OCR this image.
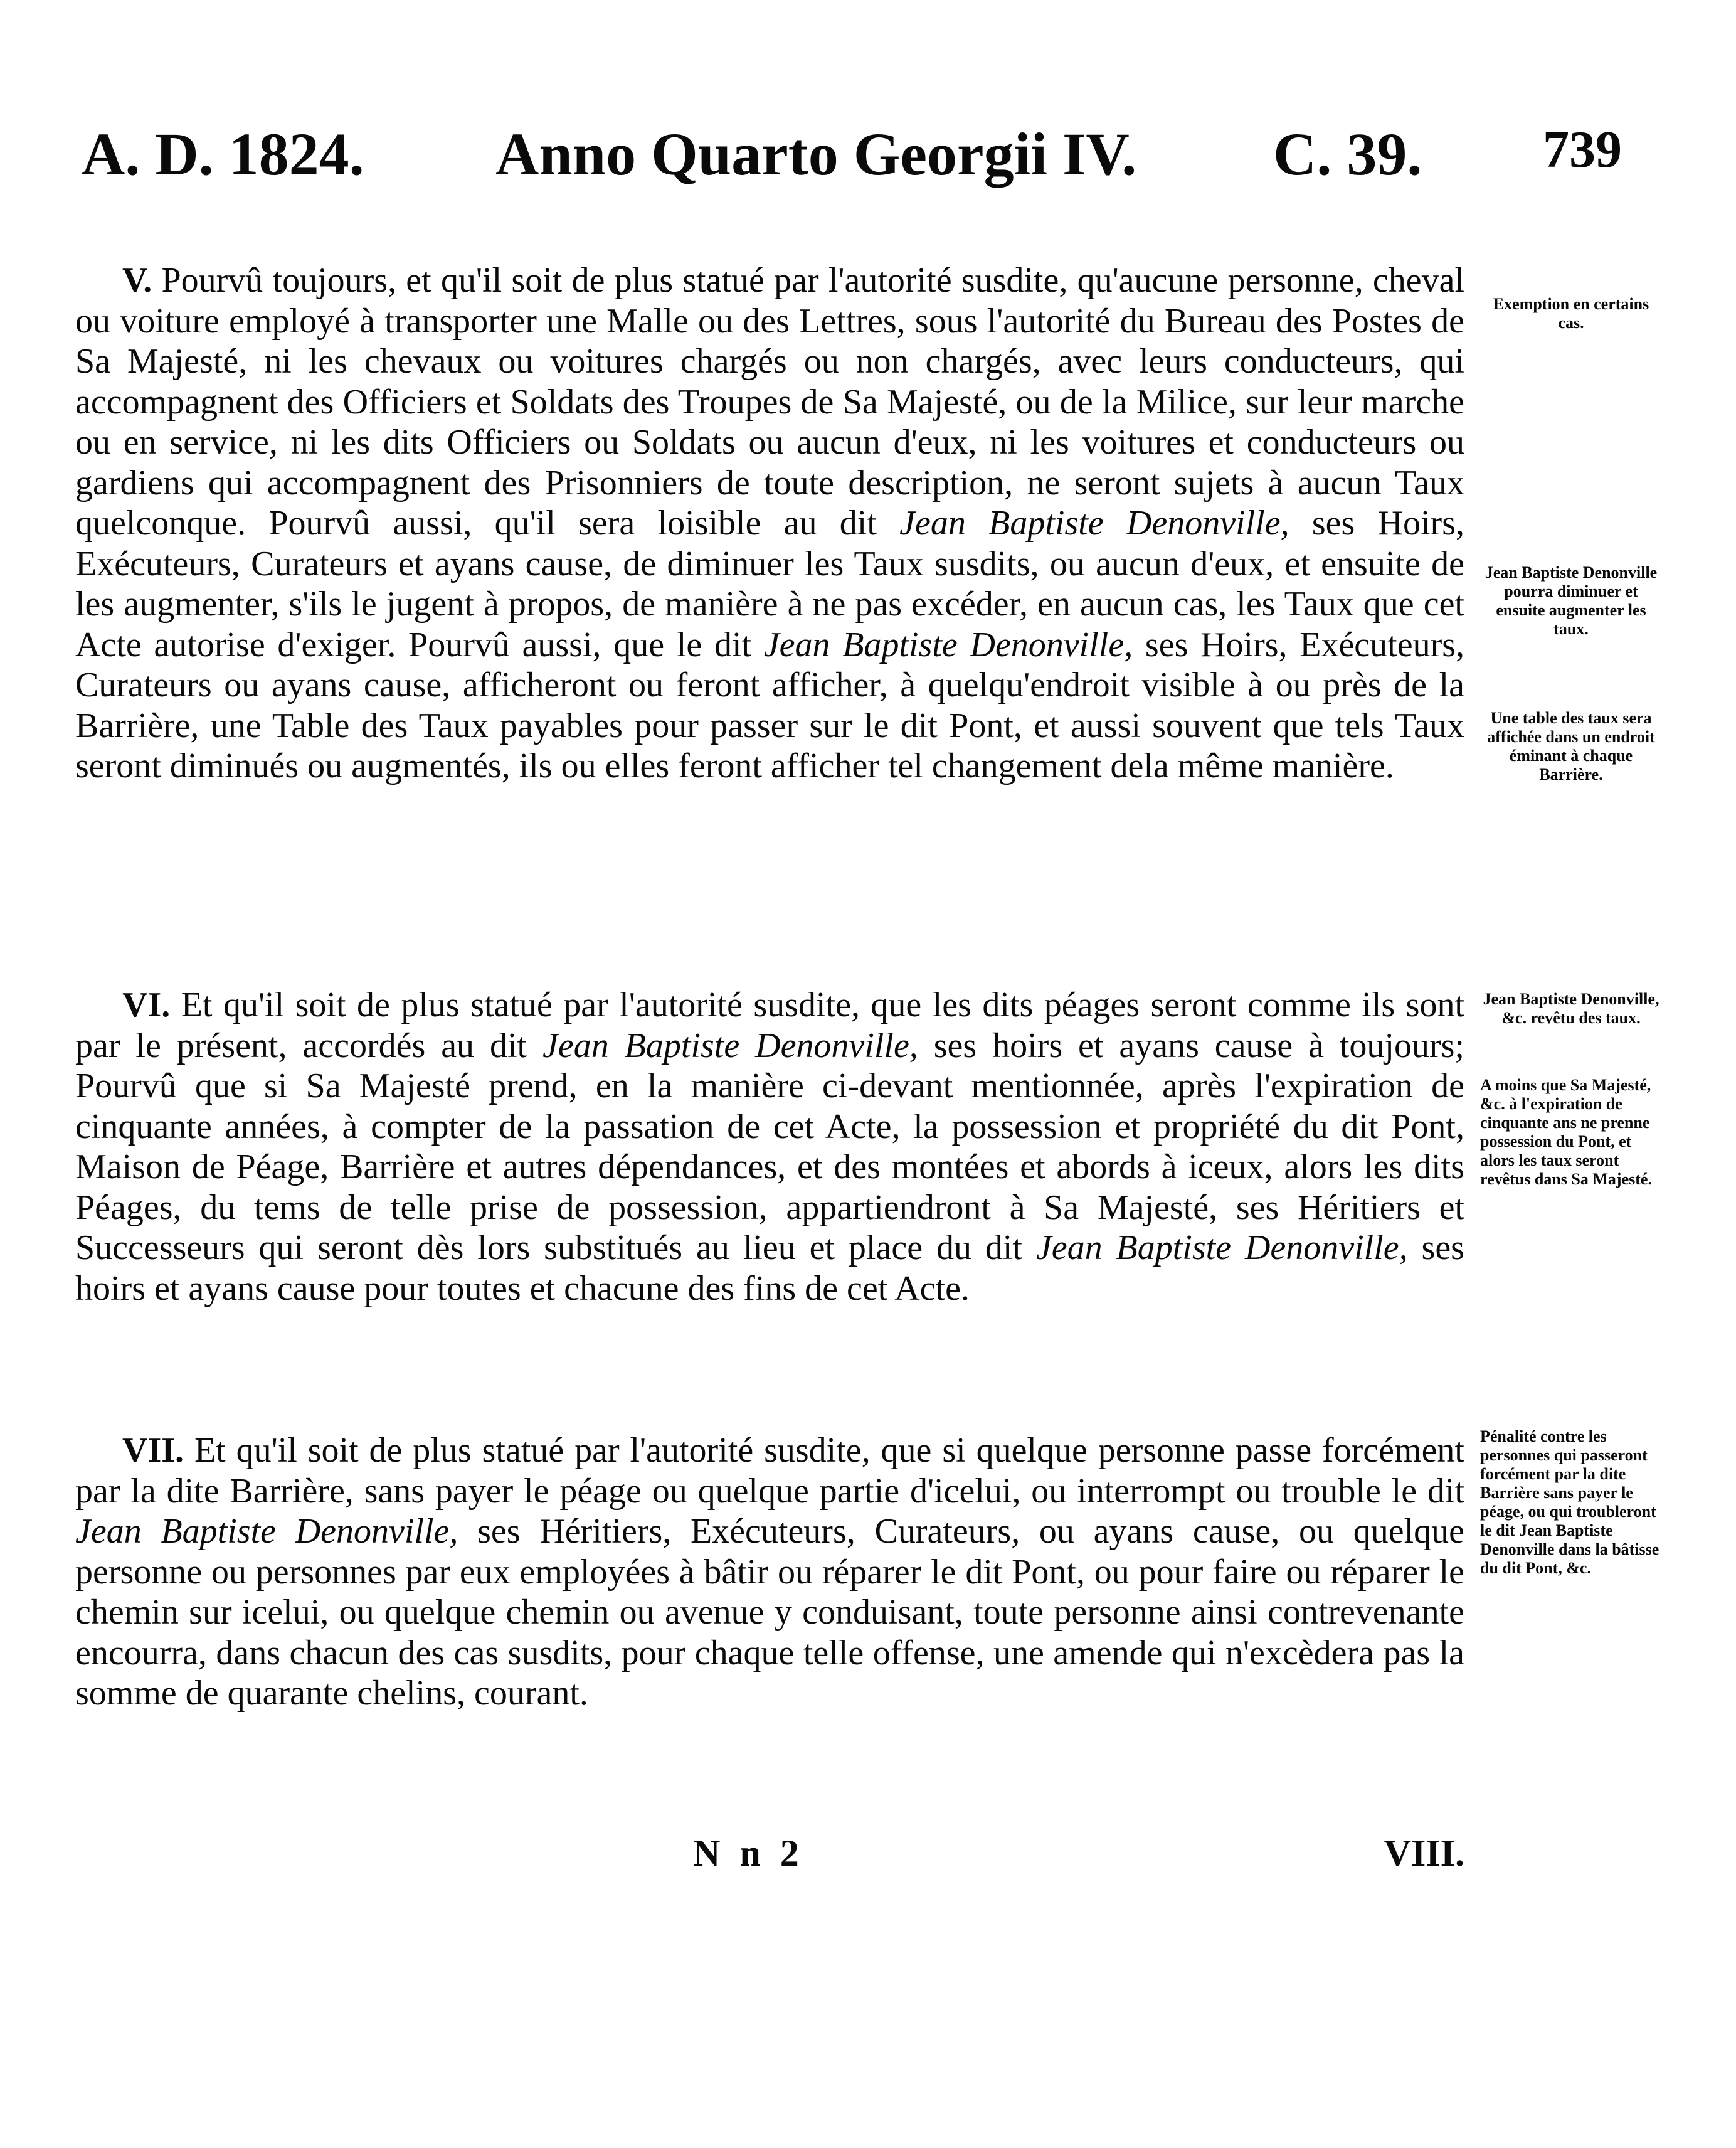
A. D. 1824. Anno Quarto Georgii IV. C. 39. 739

V. Pourvû toujours, et qu'il soit de plus statué par l'autorité susdite, qu'aucune personne, cheval ou voiture employé à transporter une Malle ou des Lettres, sous l'autorité du Bureau des Postes de Sa Majesté, ni les chevaux ou voitures chargés ou non chargés, avec leurs conducteurs, qui accompagnent des Officiers et Soldats des Troupes de Sa Majesté, ou de la Milice, sur leur marche ou en service, ni les dits Officiers ou Soldats ou aucun d'eux, ni les voitures et conducteurs ou gardiens qui accompagnent des Prisonniers de toute description, ne seront sujets à aucun Taux quelconque. Pourvû aussi, qu'il sera loisible au dit Jean Baptiste Denonville, ses Hoirs, Exécuteurs, Curateurs et ayans cause, de diminuer les Taux susdits, ou aucun d'eux, et ensuite de les augmenter, s'ils le jugent à propos, de manière à ne pas excéder, en aucun cas, les Taux que cet Acte autorise d'exiger. Pourvû aussi, que le dit Jean Baptiste Denonville, ses Hoirs, Exécuteurs, Curateurs ou ayans cause, afficheront ou feront afficher, à quelqu'endroit visible à ou près de la Barrière, une Table des Taux payables pour passer sur le dit Pont, et aussi souvent que tels Taux seront diminués ou augmentés, ils ou elles feront afficher tel changement dela même manière.

VI. Et qu'il soit de plus statué par l'autorité susdite, que les dits péages seront comme ils sont par le présent, accordés au dit Jean Baptiste Denonville, ses hoirs et ayans cause à toujours; Pourvû que si Sa Majesté prend, en la manière ci-devant mentionnée, après l'expiration de cinquante années, à compter de la passation de cet Acte, la possession et propriété du dit Pont, Maison de Péage, Barrière et autres dépendances, et des montées et abords à iceux, alors les dits Péages, du tems de telle prise de possession, appartiendront à Sa Majesté, ses Héritiers et Successeurs qui seront dès lors substitués au lieu et place du dit Jean Baptiste Denonville, ses hoirs et ayans cause pour toutes et chacune des fins de cet Acte.

VII. Et qu'il soit de plus statué par l'autorité susdite, que si quelque personne passe forcément par la dite Barrière, sans payer le péage ou quelque partie d'icelui, ou interrompt ou trouble le dit Jean Baptiste Denonville, ses Héritiers, Exécuteurs, Curateurs, ou ayans cause, ou quelque personne ou personnes par eux employées à bâtir ou réparer le dit Pont, ou pour faire ou réparer le chemin sur icelui, ou quelque chemin ou avenue y conduisant, toute personne ainsi contrevenante encourra, dans chacun des cas susdits, pour chaque telle offense, une amende qui n'excèdera pas la somme de quarante chelins, courant.

Exemption en certains cas.
Jean Baptiste Denonville pourra diminuer et ensuite augmenter les taux.
Une table des taux sera affichée dans un endroit éminant à chaque Barrière.
Jean Baptiste Denonville, &c. revêtu des taux.
A moins que Sa Majesté, &c. à l'expiration de cinquante ans ne prenne possession du Pont, et alors les taux seront revêtus dans Sa Majesté.
Pénalité contre les personnes qui passeront forcément par la dite Barrière sans payer le péage, ou qui troubleront le dit Jean Baptiste Denonville dans la bâtisse du dit Pont, &c.
N n 2	VIII.
